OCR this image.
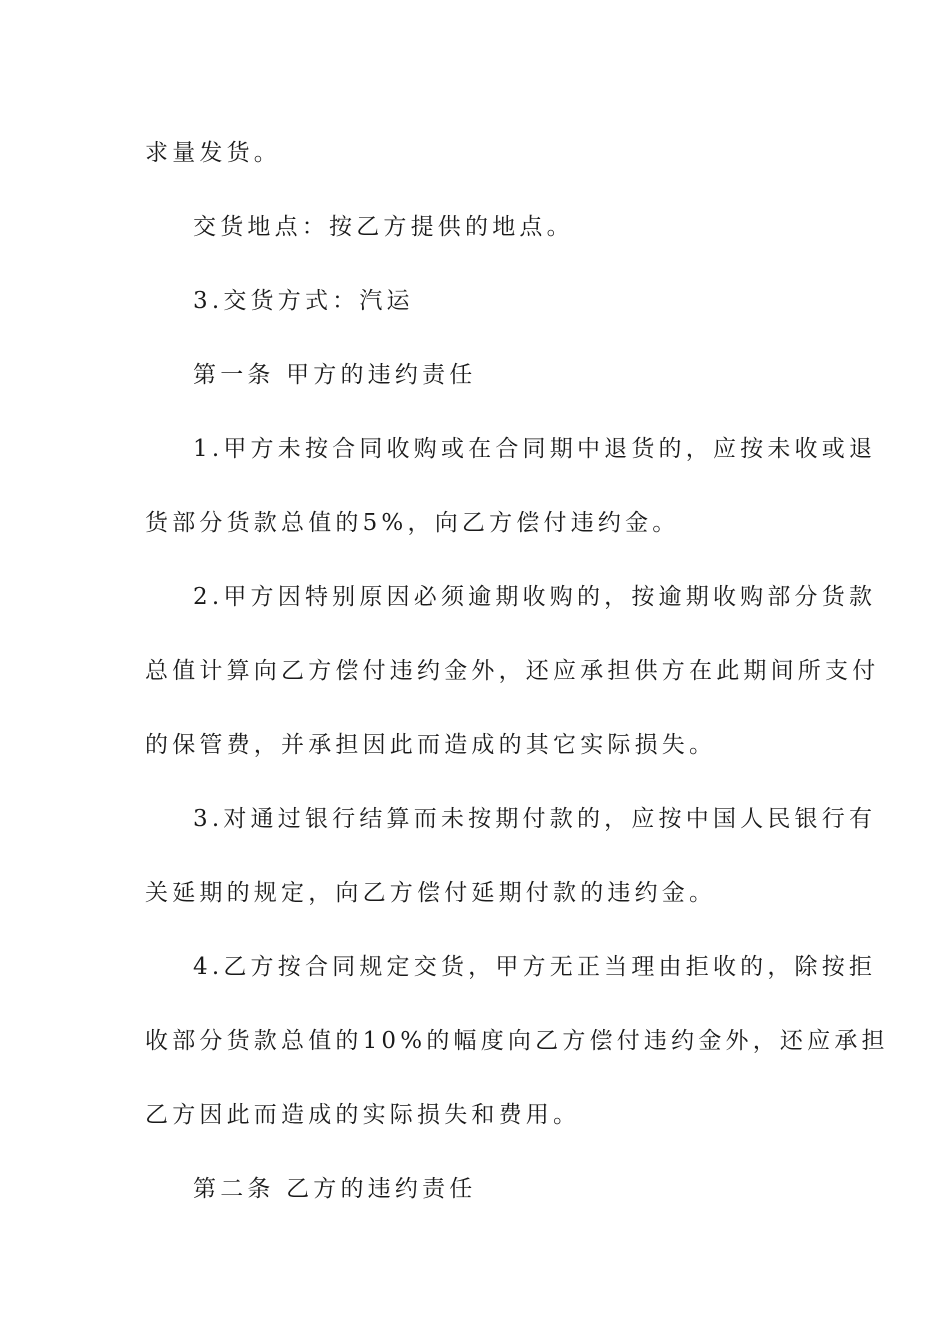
求量发货。
交货地点：按乙方提供的地点。
3.交货方式：汽运
第一条 甲方的违约责任
1.甲方未按合同收购或在合同期中退货的，应按未收或退
货部分货款总值的5%，向乙方偿付违约金。
2.甲方因特别原因必须逾期收购的，按逾期收购部分货款
总值计算向乙方偿付违约金外，还应承担供方在此期间所支付
的保管费，并承担因此而造成的其它实际损失。
3.对通过银行结算而未按期付款的，应按中国人民银行有
关延期的规定，向乙方偿付延期付款的违约金。
4.乙方按合同规定交货，甲方无正当理由拒收的，除按拒
收部分货款总值的10%的幅度向乙方偿付违约金外，还应承担
乙方因此而造成的实际损失和费用。
第二条 乙方的违约责任
